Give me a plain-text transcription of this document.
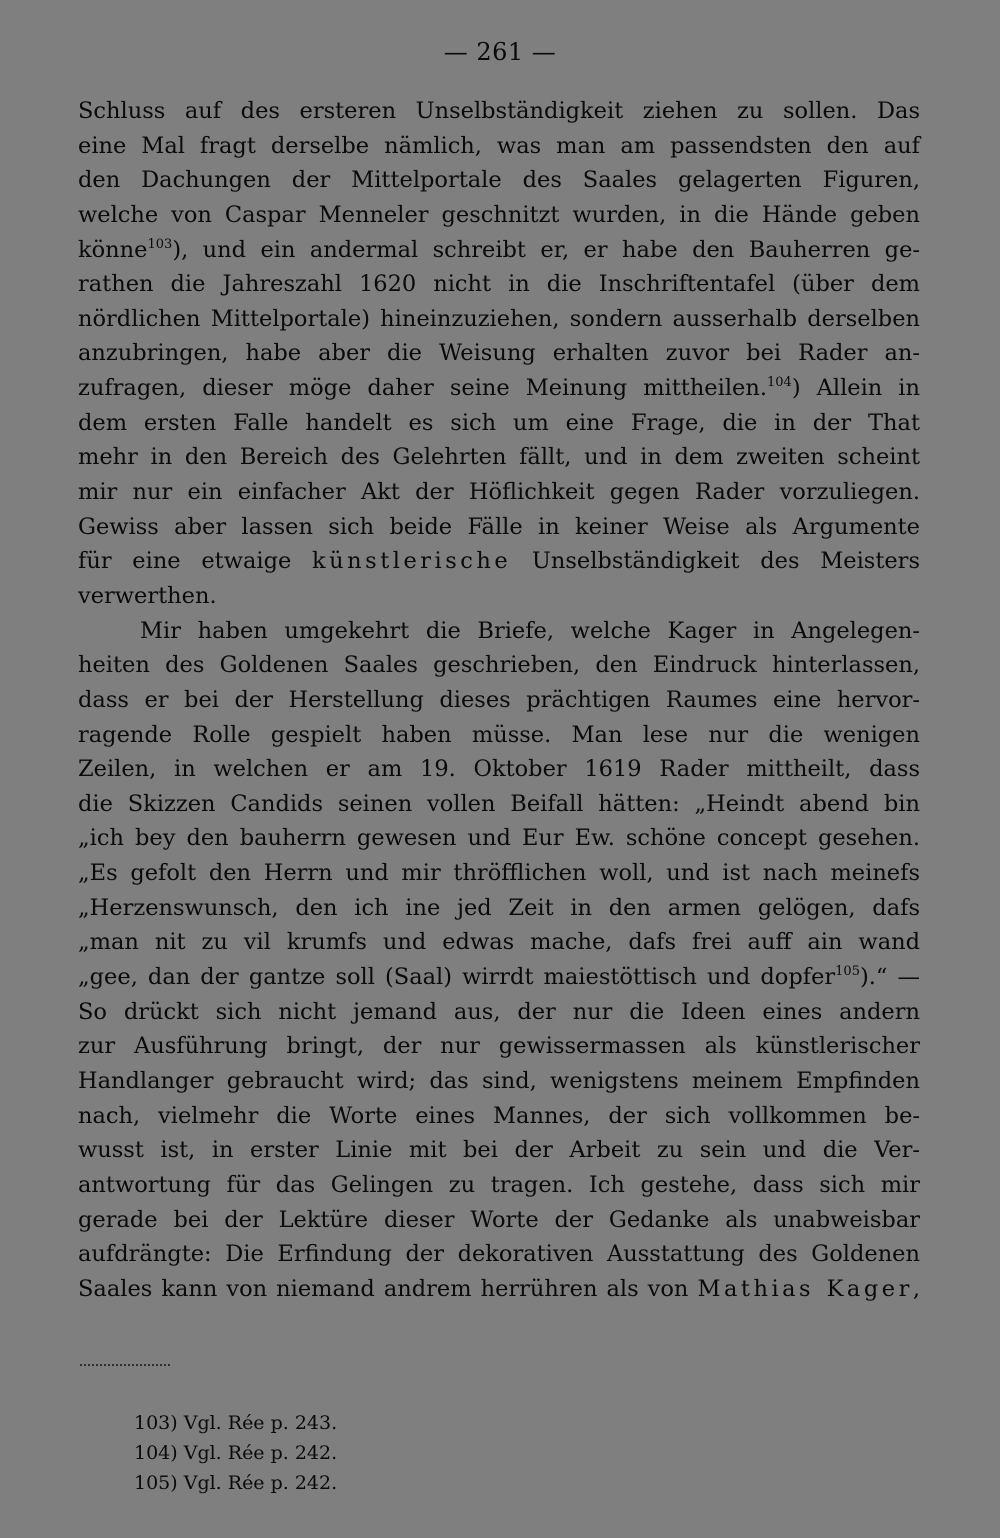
— 261 —
Schluss auf des ersteren Unselbständigkeit ziehen zu sollen. Das
eine Mal fragt derselbe nämlich, was man am passendsten den auf
den Dachungen der Mittelportale des Saales gelagerten Figuren,
welche von Caspar Menneler geschnitzt wurden, in die Hände geben
könne$^{103}$), und ein andermal schreibt er, er habe den Bauherren ge-
rathen die Jahreszahl 1620 nicht in die Inschriftentafel (über dem
nördlichen Mittelportale) hineinzuziehen, sondern ausserhalb derselben
anzubringen, habe aber die Weisung erhalten zuvor bei Rader an-
zufragen, dieser möge daher seine Meinung mittheilen.$^{104}$) Allein in
dem ersten Falle handelt es sich um eine Frage, die in der That
mehr in den Bereich des Gelehrten fällt, und in dem zweiten scheint
mir nur ein einfacher Akt der Höflichkeit gegen Rader vorzuliegen.
Gewiss aber lassen sich beide Fälle in keiner Weise als Argumente
für eine etwaige künstlerische Unselbständigkeit des Meisters
verwerthen.
Mir haben umgekehrt die Briefe, welche Kager in Angelegen-
heiten des Goldenen Saales geschrieben, den Eindruck hinterlassen,
dass er bei der Herstellung dieses prächtigen Raumes eine hervor-
ragende Rolle gespielt haben müsse. Man lese nur die wenigen
Zeilen, in welchen er am 19. Oktober 1619 Rader mittheilt, dass
die Skizzen Candids seinen vollen Beifall hätten: „Heindt abend bin
„ich bey den bauherrn gewesen und Eur Ew. schöne concept gesehen.
„Es gefolt den Herrn und mir thröfflichen woll, und ist nach meinefs
„Herzenswunsch, den ich ine jed Zeit in den armen gelögen, dafs
„man nit zu vil krumfs und edwas mache, dafs frei auff ain wand
„gee, dan der gantze soll (Saal) wirrdt maiestöttisch und dopfer$^{105}$).“ —
So drückt sich nicht jemand aus, der nur die Ideen eines andern
zur Ausführung bringt, der nur gewissermassen als künstlerischer
Handlanger gebraucht wird; das sind, wenigstens meinem Empfinden
nach, vielmehr die Worte eines Mannes, der sich vollkommen be-
wusst ist, in erster Linie mit bei der Arbeit zu sein und die Ver-
antwortung für das Gelingen zu tragen. Ich gestehe, dass sich mir
gerade bei der Lektüre dieser Worte der Gedanke als unabweisbar
aufdrängte: Die Erfindung der dekorativen Ausstattung des Goldenen
Saales kann von niemand andrem herrühren als von Mathias Kager,
103) Vgl. Rée p. 243.
104) Vgl. Rée p. 242.
105) Vgl. Rée p. 242.
